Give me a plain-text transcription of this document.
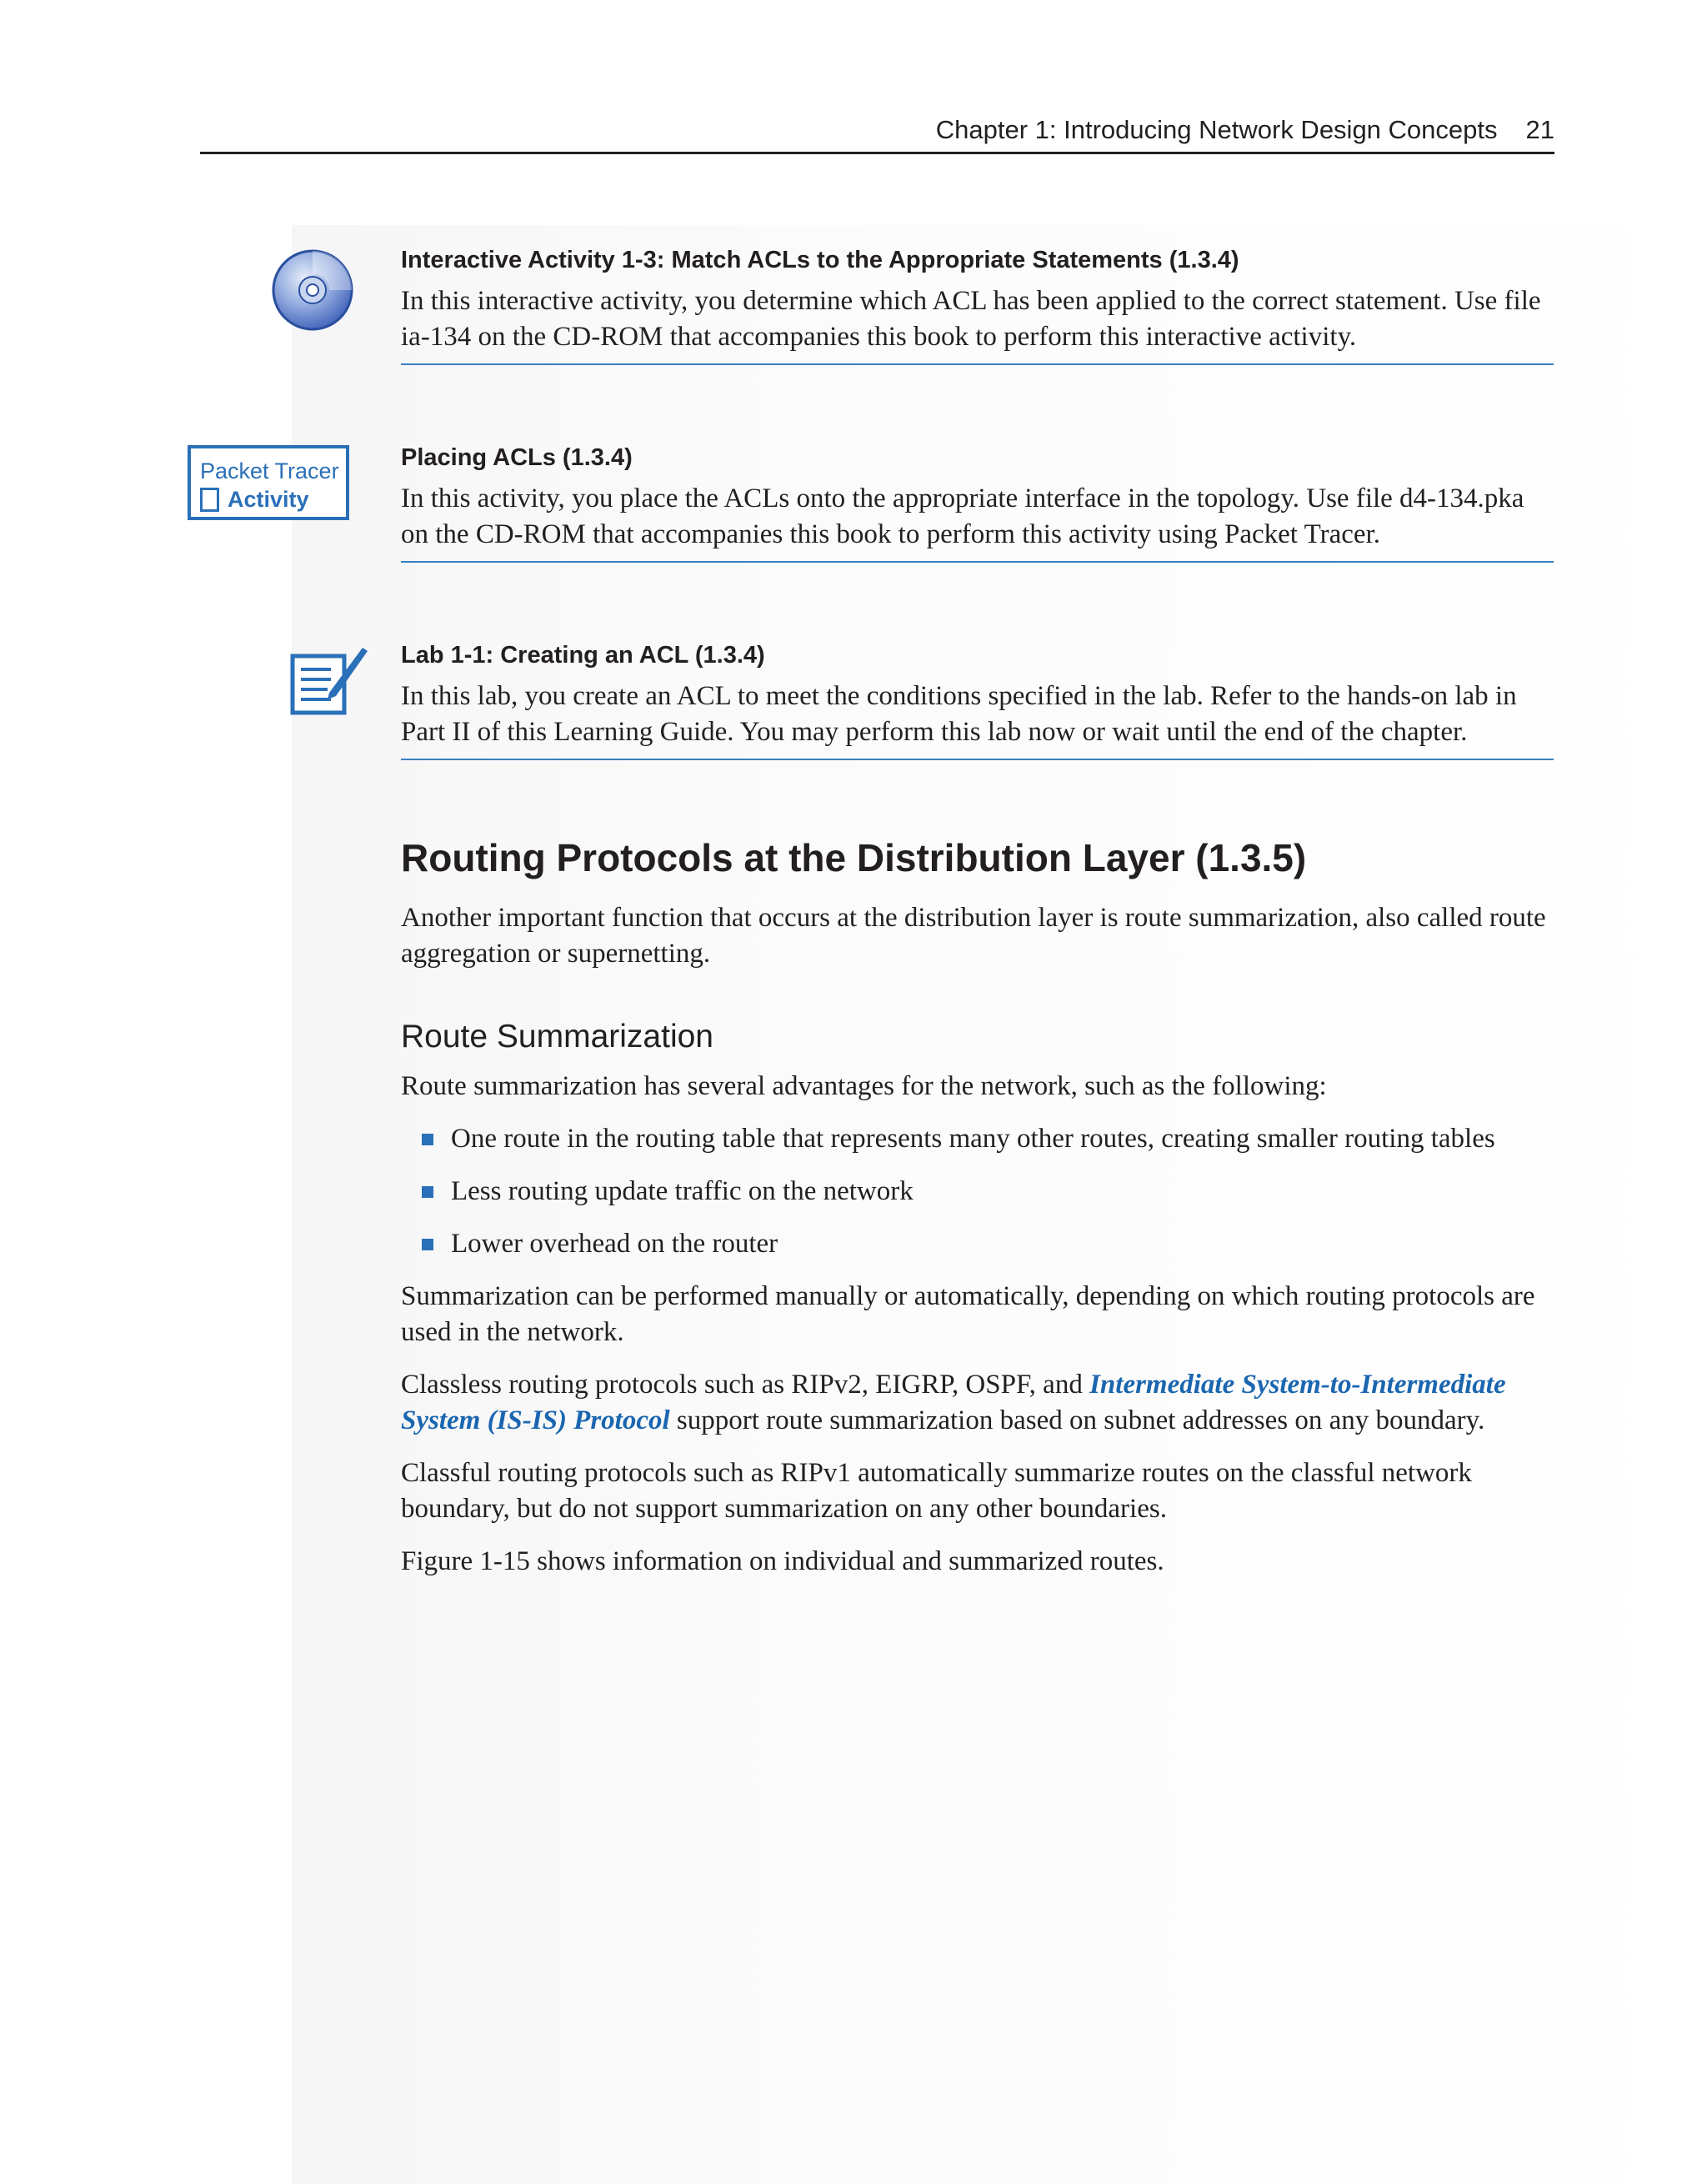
Chapter 1: Introducing Network Design Concepts 21
Packet Tracer
Activity
Interactive Activity 1-3: Match ACLs to the Appropriate Statements (1.3.4)
In this interactive activity, you determine which ACL has been applied to the correct statement. Use file ia-134 on the CD-ROM that accompanies this book to perform this interactive activity.
Placing ACLs (1.3.4)
In this activity, you place the ACLs onto the appropriate interface in the topology. Use file d4-134.pka on the CD-ROM that accompanies this book to perform this activity using Packet Tracer.
Lab 1-1: Creating an ACL (1.3.4)
In this lab, you create an ACL to meet the conditions specified in the lab. Refer to the hands-on lab in Part II of this Learning Guide. You may perform this lab now or wait until the end of the chapter.
Routing Protocols at the Distribution Layer (1.3.5)

Another important function that occurs at the distribution layer is route summarization, also called route aggregation or supernetting.

Route Summarization

Route summarization has several advantages for the network, such as the following:

One route in the routing table that represents many other routes, creating smaller routing tables
Less routing update traffic on the network
Lower overhead on the router

Summarization can be performed manually or automatically, depending on which routing protocols are used in the network.

Classless routing protocols such as RIPv2, EIGRP, OSPF, and Intermediate System-to-Intermediate System (IS-IS) Protocol support route summarization based on subnet addresses on any boundary.

Classful routing protocols such as RIPv1 automatically summarize routes on the classful network boundary, but do not support summarization on any other boundaries.

Figure 1-15 shows information on individual and summarized routes.
